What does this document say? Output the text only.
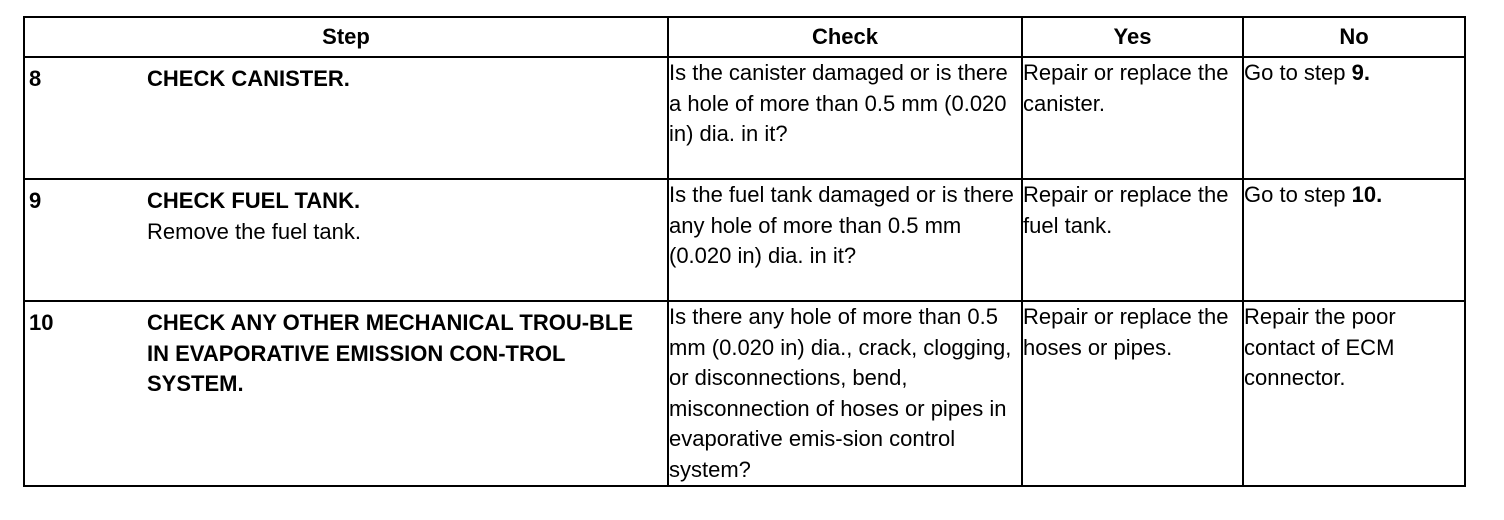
Step	Check	Yes	No

8 CHECK CANISTER.	Is the canister damaged or is there a hole of more than 0.5 mm (0.020 in) dia. in it?	Repair or replace the canister.	Go to step 9.

9 CHECK FUEL TANK.
Remove the fuel tank.	Is the fuel tank damaged or is there any hole of more than 0.5 mm (0.020 in) dia. in it?	Repair or replace the fuel tank.	Go to step 10.

10 CHECK ANY OTHER MECHANICAL TROU-BLE IN EVAPORATIVE EMISSION CON-TROL SYSTEM.	Is there any hole of more than 0.5 mm (0.020 in) dia., crack, clogging, or disconnections, bend, misconnection of hoses or pipes in evaporative emis-sion control system?	Repair or replace the hoses or pipes.	Repair the poor contact of ECM connector.
